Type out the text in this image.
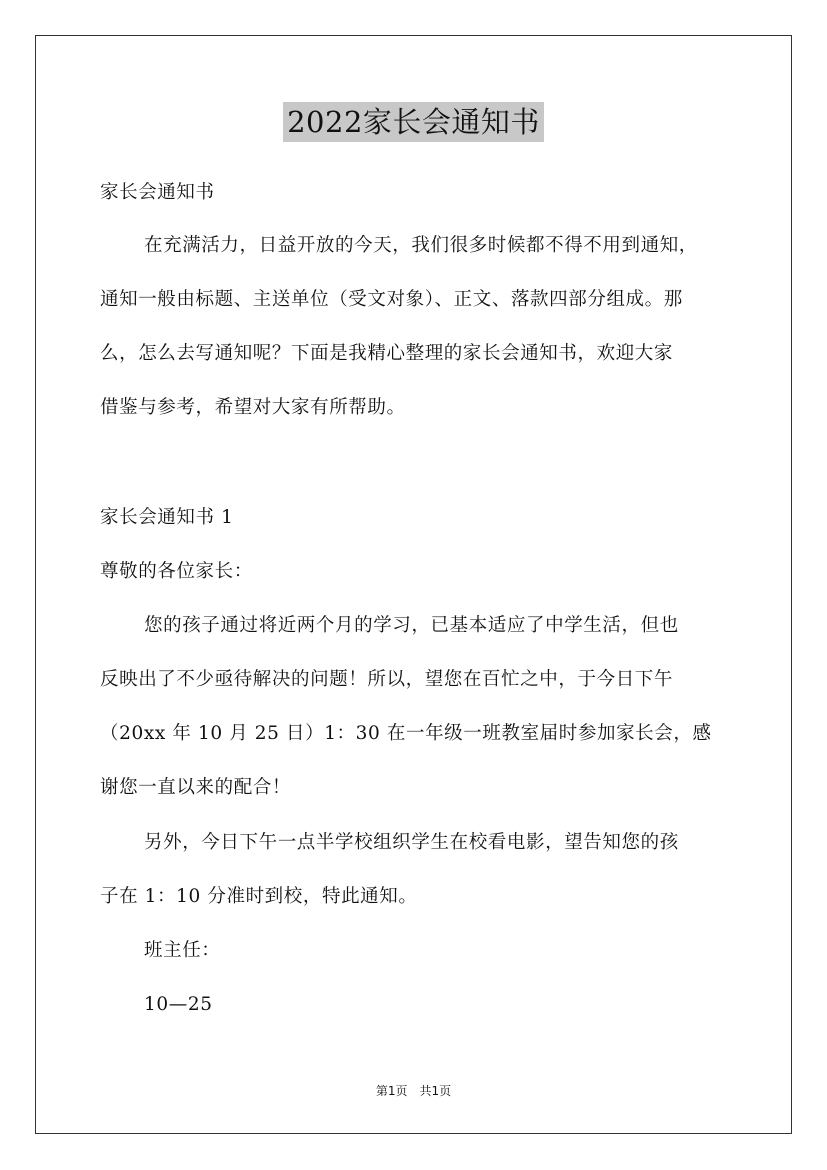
2022家长会通知书
家长会通知书
在充满活力，日益开放的今天，我们很多时候都不得不用到通知，
通知一般由标题、主送单位（受文对象）、正文、落款四部分组成。那
么，怎么去写通知呢？下面是我精心整理的家长会通知书，欢迎大家
借鉴与参考，希望对大家有所帮助。
家长会通知书 1
尊敬的各位家长：
您的孩子通过将近两个月的学习，已基本适应了中学生活，但也
反映出了不少亟待解决的问题！所以，望您在百忙之中，于今日下午
（20xx 年 10 月 25 日）1：30 在一年级一班教室届时参加家长会，感
谢您一直以来的配合！
另外，今日下午一点半学校组织学生在校看电影，望告知您的孩
子在 1：10 分准时到校，特此通知。
班主任：
10—25
第1页 共1页
